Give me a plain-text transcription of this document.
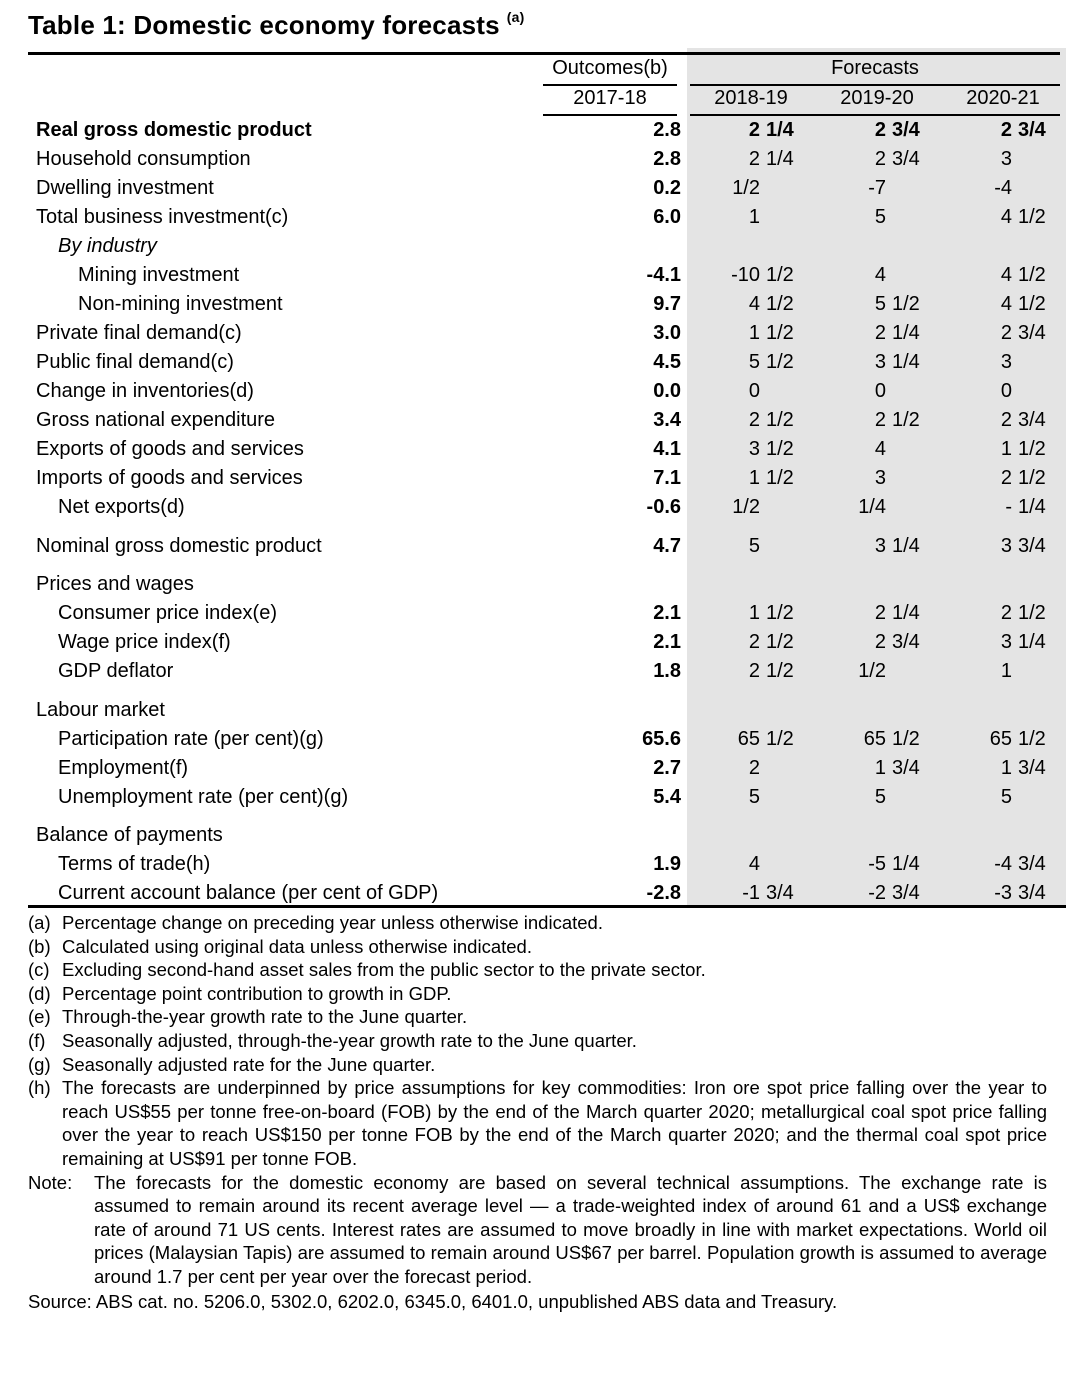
Table 1: Domestic economy forecasts $^{(a)}$
Outcomes(b)	Forecasts
2017-18	2018-19	2019-20	2020-21
Real gross domestic product	2.8	2 1/4	2 3/4	2 3/4
Household consumption	2.8	2 1/4	2 3/4	3
Dwelling investment	0.2	1/2	-7	-4
Total business investment(c)	6.0	1	5	4 1/2
By industry
Mining investment	-4.1	-10 1/2	4	4 1/2
Non-mining investment	9.7	4 1/2	5 1/2	4 1/2
Private final demand(c)	3.0	1 1/2	2 1/4	2 3/4
Public final demand(c)	4.5	5 1/2	3 1/4	3
Change in inventories(d)	0.0	0	0	0
Gross national expenditure	3.4	2 1/2	2 1/2	2 3/4
Exports of goods and services	4.1	3 1/2	4	1 1/2
Imports of goods and services	7.1	1 1/2	3	2 1/2
Net exports(d)	-0.6	1/2	1/4	- 1/4
Nominal gross domestic product	4.7	5	3 1/4	3 3/4
Prices and wages
Consumer price index(e)	2.1	1 1/2	2 1/4	2 1/2
Wage price index(f)	2.1	2 1/2	2 3/4	3 1/4
GDP deflator	1.8	2 1/2	1/2	1
Labour market
Participation rate (per cent)(g)	65.6	65 1/2	65 1/2	65 1/2
Employment(f)	2.7	2	1 3/4	1 3/4
Unemployment rate (per cent)(g)	5.4	5	5	5
Balance of payments
Terms of trade(h)	1.9	4	-5 1/4	-4 3/4
Current account balance (per cent of GDP)	-2.8	-1 3/4	-2 3/4	-3 3/4
(a) Percentage change on preceding year unless otherwise indicated.
(b) Calculated using original data unless otherwise indicated.
(c) Excluding second-hand asset sales from the public sector to the private sector.
(d) Percentage point contribution to growth in GDP.
(e) Through-the-year growth rate to the June quarter.
(f) Seasonally adjusted, through-the-year growth rate to the June quarter.
(g) Seasonally adjusted rate for the June quarter.
(h) The forecasts are underpinned by price assumptions for key commodities: Iron ore spot price falling over the year to reach US$55 per tonne free-on-board (FOB) by the end of the March quarter 2020; metallurgical coal spot price falling over the year to reach US$150 per tonne FOB by the end of the March quarter 2020; and the thermal coal spot price remaining at US$91 per tonne FOB.
Note:	The forecasts for the domestic economy are based on several technical assumptions. The exchange rate is assumed to remain around its recent average level — a trade-weighted index of around 61 and a US$ exchange rate of around 71 US cents. Interest rates are assumed to move broadly in line with market expectations. World oil prices (Malaysian Tapis) are assumed to remain around US$67 per barrel. Population growth is assumed to average around 1.7 per cent per year over the forecast period.
Source: ABS cat. no. 5206.0, 5302.0, 6202.0, 6345.0, 6401.0, unpublished ABS data and Treasury.
